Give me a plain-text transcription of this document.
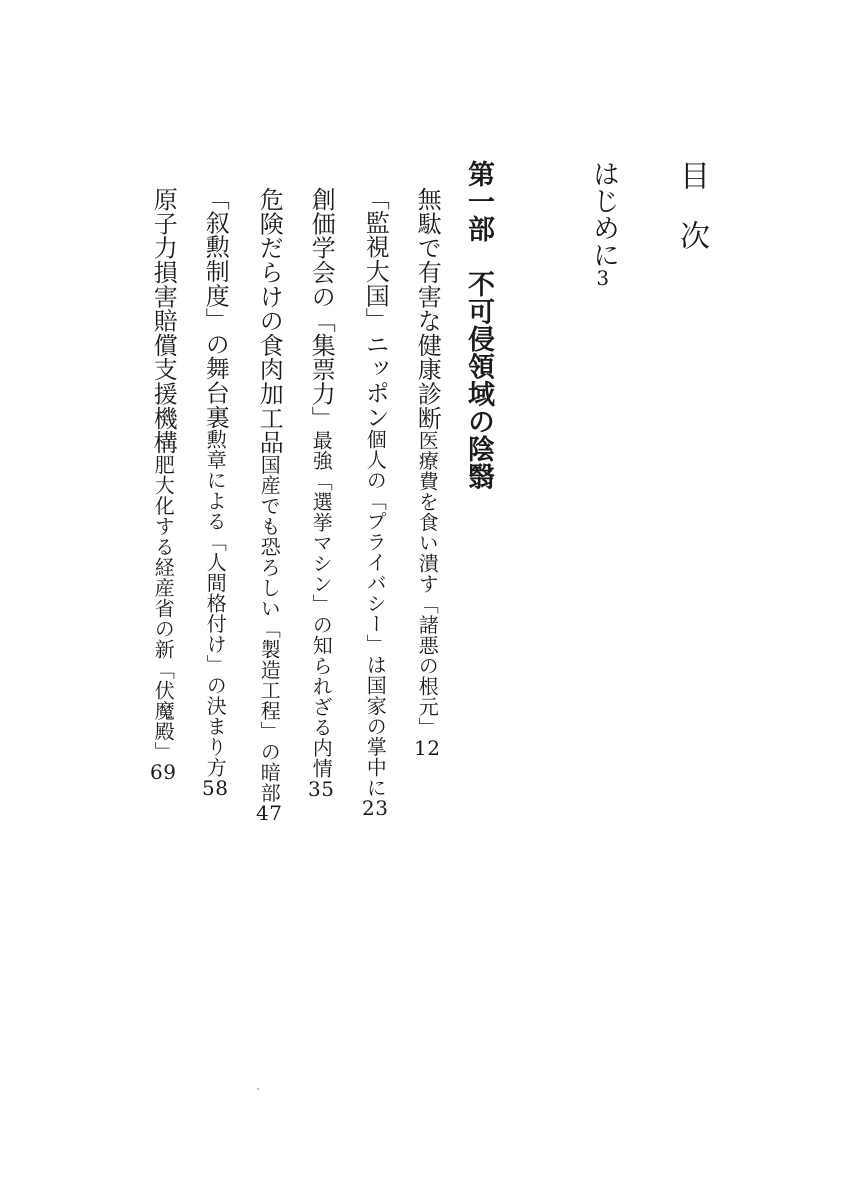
目次
はじめに3
第一部　不可侵領域の陰翳
無駄で有害な健康診断医療費を食い潰す「諸悪の根元」12
「監視大国」ニッポン個人の「プライバシー」は国家の掌中に23
創価学会の「集票力」最強「選挙マシン」の知られざる内情35
危険だらけの食肉加工品国産でも恐ろしい「製造工程」の暗部47
「叙勲制度」の舞台裏勲章による「人間格付け」の決まり方58
原子力損害賠償支援機構肥大化する経産省の新「伏魔殿」69
